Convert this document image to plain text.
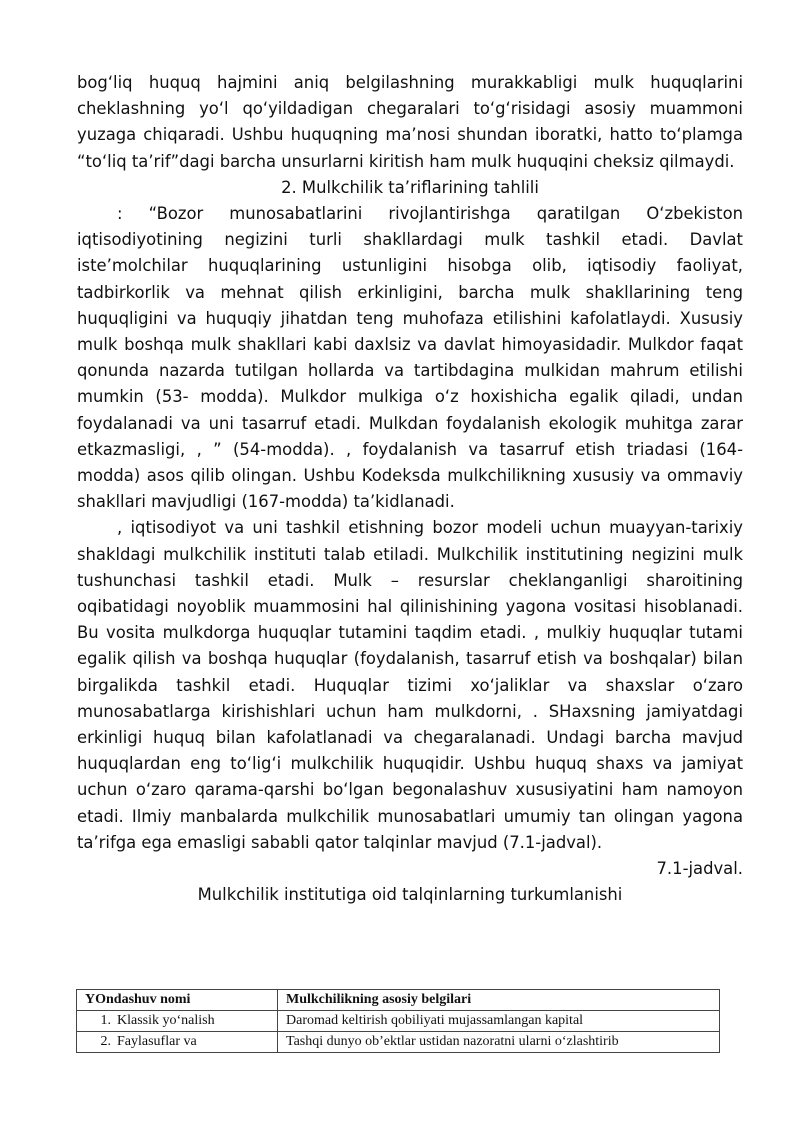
bog‘liq huquq hajmini aniq belgilashning murakkabligi mulk huquqlarini cheklashning yo‘l qo‘yildadigan chegaralari to‘g‘risidagi asosiy muammoni yuzaga chiqaradi. Ushbu huquqning ma’nosi shundan iboratki, hatto to‘plamga “to‘liq ta’rif”dagi barcha unsurlarni kiritish ham mulk huquqini cheksiz qilmaydi.

2. Mulkchilik ta’riflarining tahlili

: “Bozor munosabatlarini rivojlantirishga qaratilgan O‘zbekiston iqtisodiyotining negizini turli shakllardagi mulk tashkil etadi. Davlat iste’molchilar huquqlarining ustunligini hisobga olib, iqtisodiy faoliyat, tadbirkorlik va mehnat qilish erkinligini, barcha mulk shakllarining teng huquqligini va huquqiy jihatdan teng muhofaza etilishini kafolatlaydi. Xususiy mulk boshqa mulk shakllari kabi daxlsiz va davlat himoyasidadir. Mulkdor faqat qonunda nazarda tutilgan hollarda va tartibdagina mulkidan mahrum etilishi mumkin (53- modda). Mulkdor mulkiga o‘z hoxishicha egalik qiladi, undan foydalanadi va uni tasarruf etadi. Mulkdan foydalanish ekologik muhitga zarar etkazmasligi, , ” (54-modda). , foydalanish va tasarruf etish triadasi (164-modda) asos qilib olingan. Ushbu Kodeksda mulkchilikning xususiy va ommaviy shakllari mavjudligi (167-modda) ta’kidlanadi.

, iqtisodiyot va uni tashkil etishning bozor modeli uchun muayyan-tarixiy shakldagi mulkchilik instituti talab etiladi. Mulkchilik institutining negizini mulk tushunchasi tashkil etadi. Mulk – resurslar cheklanganligi sharoitining oqibatidagi noyoblik muammosini hal qilinishining yagona vositasi hisoblanadi. Bu vosita mulkdorga huquqlar tutamini taqdim etadi. , mulkiy huquqlar tutami egalik qilish va boshqa huquqlar (foydalanish, tasarruf etish va boshqalar) bilan birgalikda tashkil etadi. Huquqlar tizimi xo‘jaliklar va shaxslar o‘zaro munosabatlarga kirishishlari uchun ham mulkdorni, . SHaxsning jamiyatdagi erkinligi huquq bilan kafolatlanadi va chegaralanadi. Undagi barcha mavjud huquqlardan eng to‘lig‘i mulkchilik huquqidir. Ushbu huquq shaxs va jamiyat uchun o‘zaro qarama-qarshi bo‘lgan begonalashuv xususiyatini ham namoyon etadi. Ilmiy manbalarda mulkchilik munosabatlari umumiy tan olingan yagona ta’rifga ega emasligi sababli qator talqinlar mavjud (7.1-jadval).

7.1-jadval.

Mulkchilik institutiga oid talqinlarning turkumlanishi

YOndashuv nomi	Mulkchilikning asosiy belgilari
1. Klassik yo‘nalish	Daromad keltirish qobiliyati mujassamlangan kapital
2. Faylasuflar va	Tashqi dunyo ob’ektlar ustidan nazoratni ularni o‘zlashtirib
